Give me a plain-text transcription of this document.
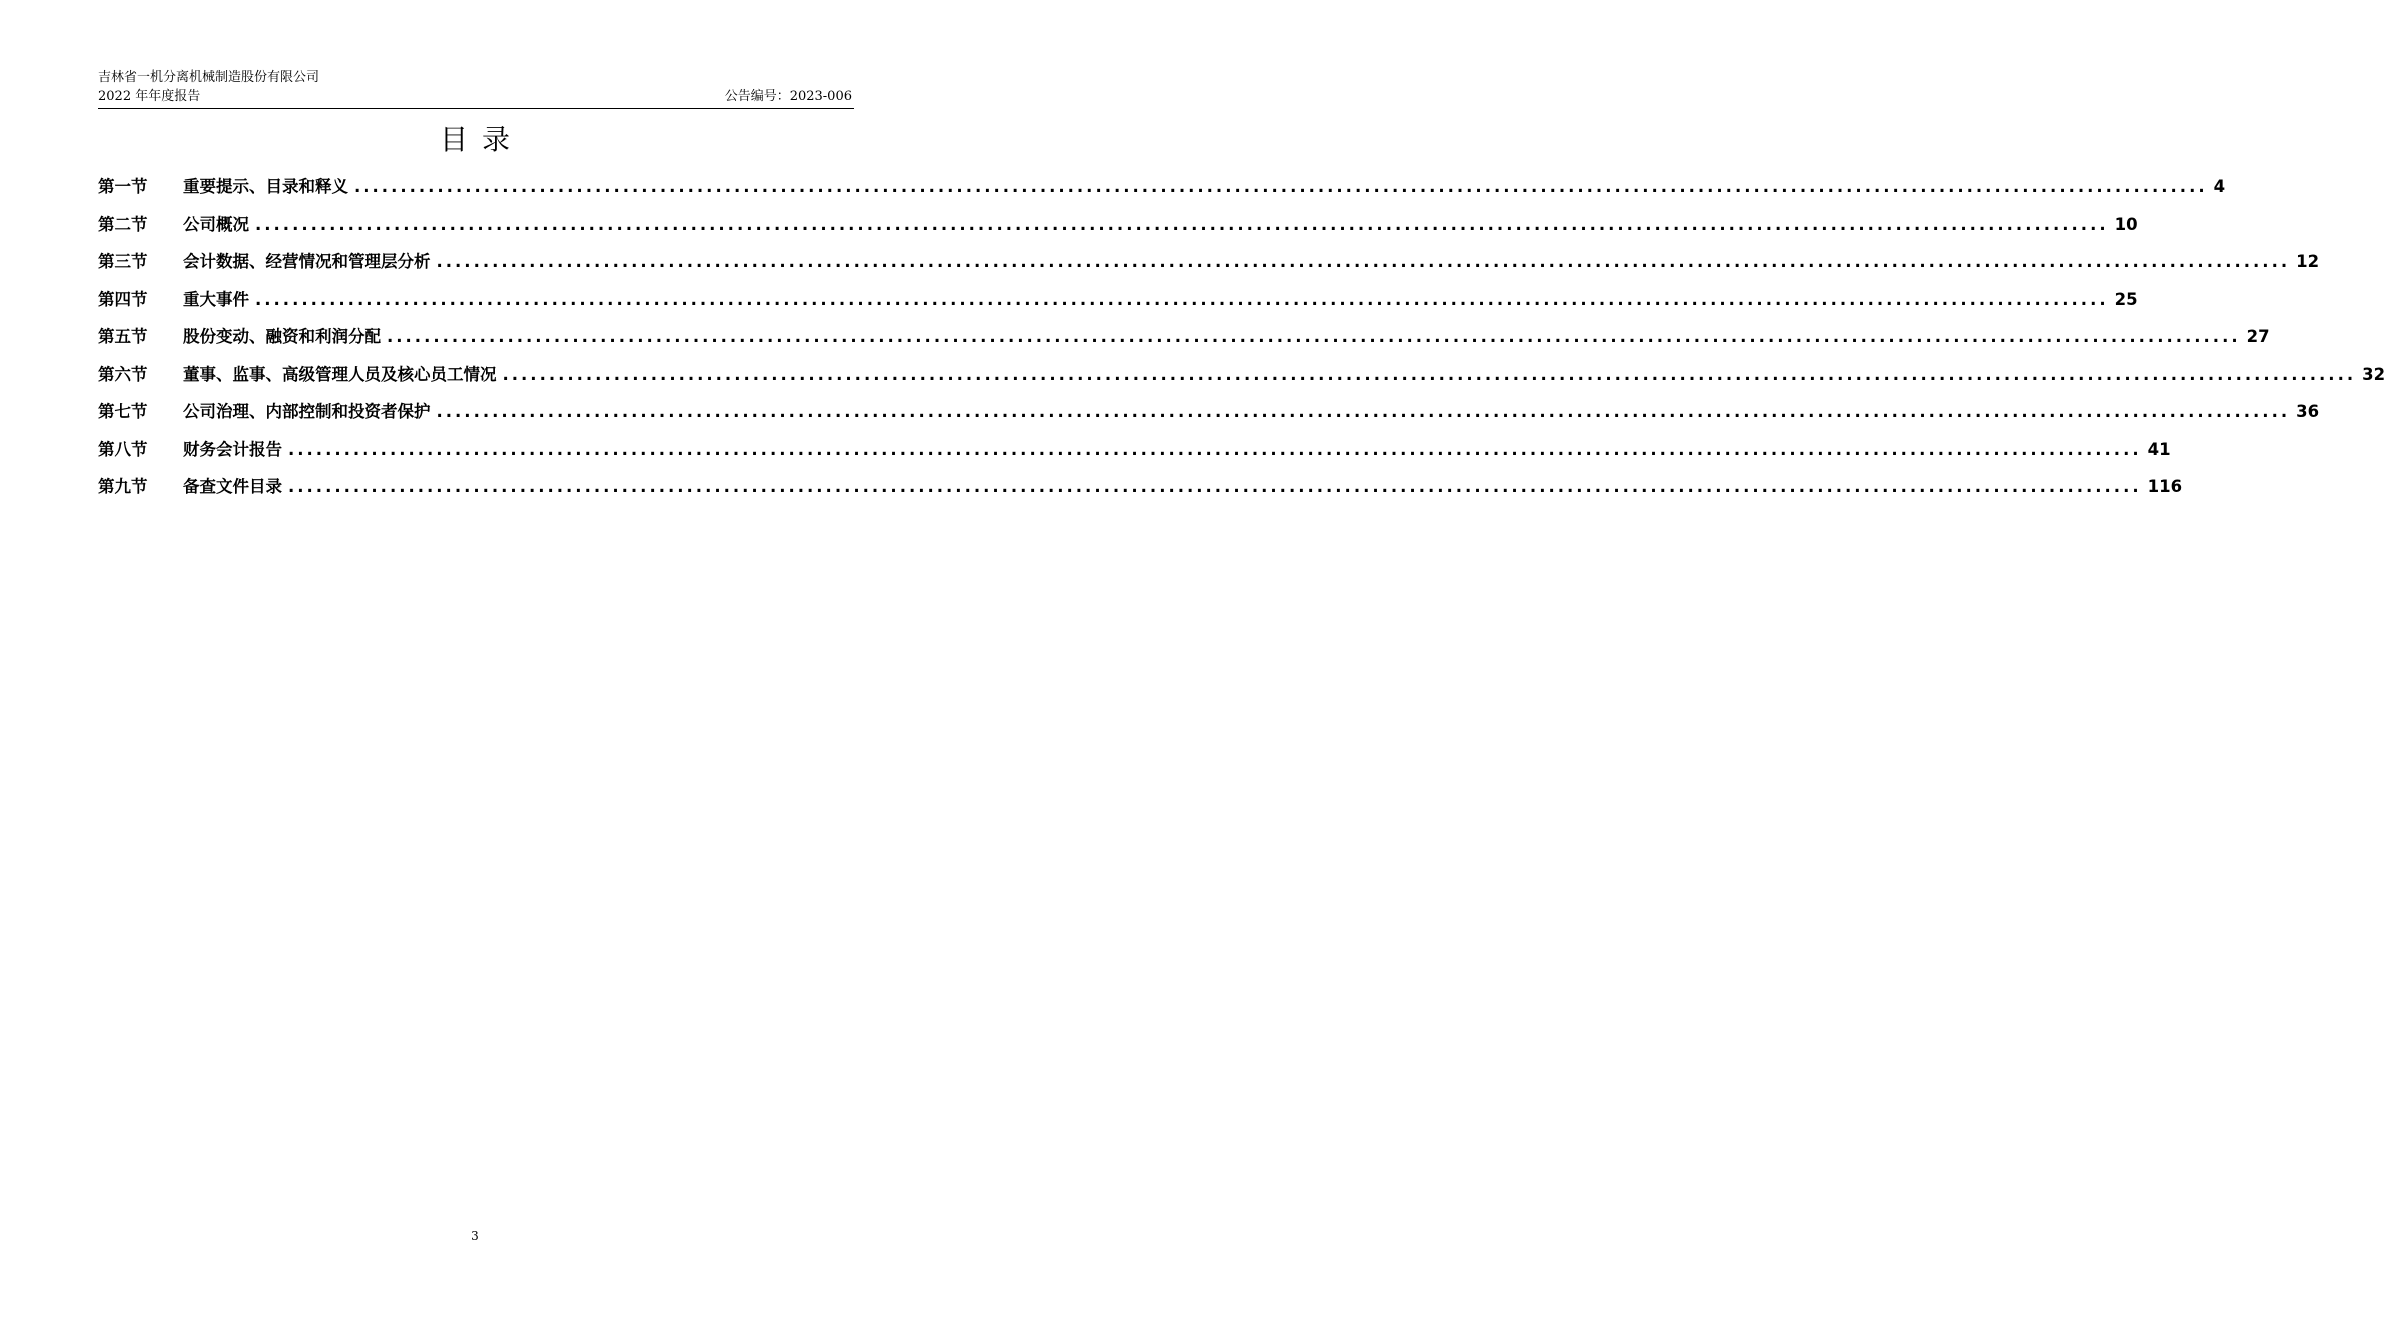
吉林省一机分离机械制造股份有限公司
2022 年年度报告	公告编号：2023-006
目录
第一节	重要提示、目录和释义 ........................................................................................................................................................................................................ 4
第二节	公司概况 ........................................................................................................................................................................................................ 10
第三节	会计数据、经营情况和管理层分析 ........................................................................................................................................................................................................ 12
第四节	重大事件 ........................................................................................................................................................................................................ 25
第五节	股份变动、融资和利润分配 ........................................................................................................................................................................................................ 27
第六节	董事、监事、高级管理人员及核心员工情况 ........................................................................................................................................................................................................ 32
第七节	公司治理、内部控制和投资者保护 ........................................................................................................................................................................................................ 36
第八节	财务会计报告 ........................................................................................................................................................................................................ 41
第九节	备查文件目录 ........................................................................................................................................................................................................ 116
3
